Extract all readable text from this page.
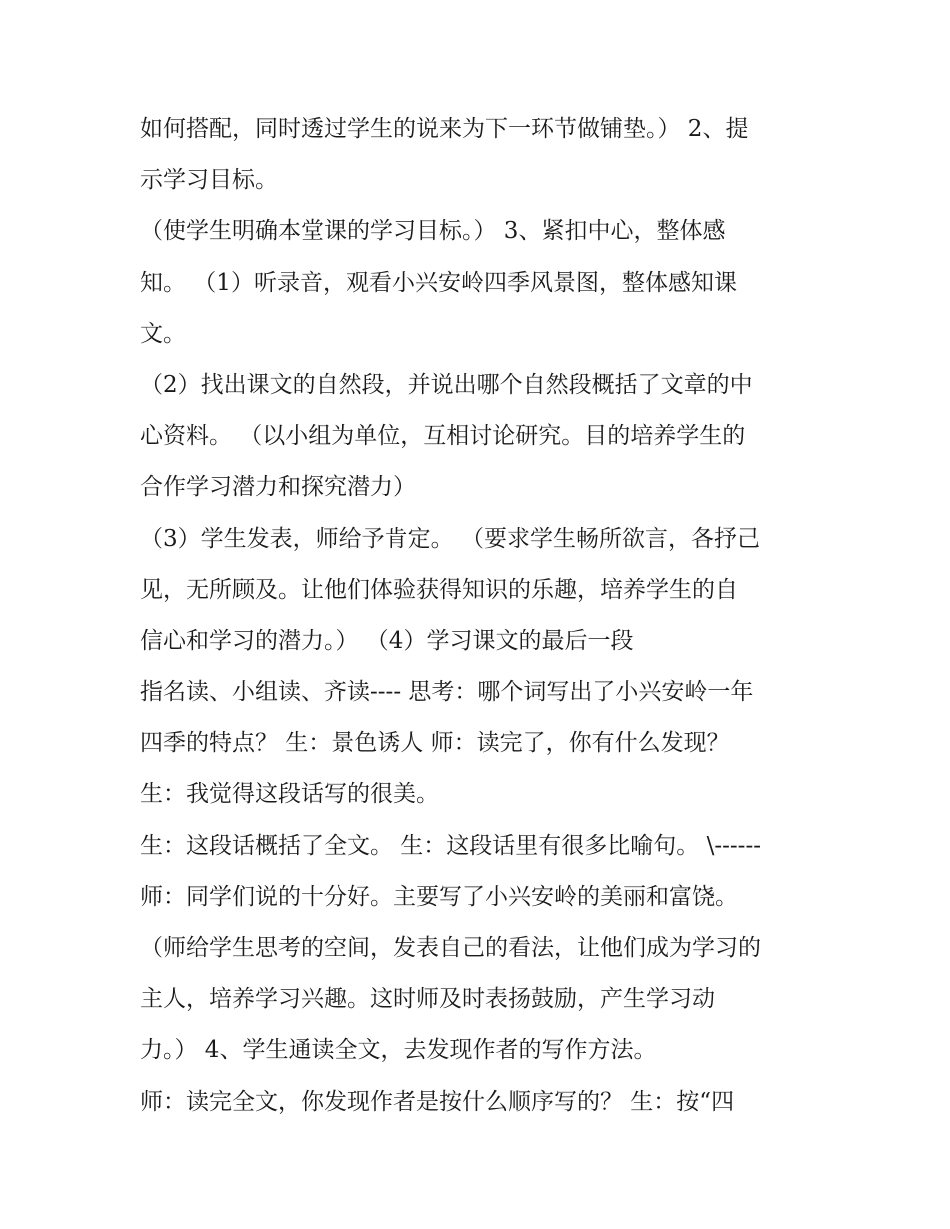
如何搭配，同时透过学生的说来为下一环节做铺垫。） 2、提
示学习目标。
（使学生明确本堂课的学习目标。） 3、紧扣中心，整体感
知。 （1）听录音，观看小兴安岭四季风景图，整体感知课
文。
（2）找出课文的自然段，并说出哪个自然段概括了文章的中
心资料。 （以小组为单位，互相讨论研究。目的培养学生的
合作学习潜力和探究潜力）
（3）学生发表，师给予肯定。 （要求学生畅所欲言，各抒己
见，无所顾及。让他们体验获得知识的乐趣，培养学生的自
信心和学习的潜力。） （4）学习课文的最后一段
指名读、小组读、齐读---- 思考：哪个词写出了小兴安岭一年
四季的特点？ 生：景色诱人 师：读完了，你有什么发现？
生：我觉得这段话写的很美。
生：这段话概括了全文。 生：这段话里有很多比喻句。 \------
师：同学们说的十分好。主要写了小兴安岭的美丽和富饶。
（师给学生思考的空间，发表自己的看法，让他们成为学习的
主人，培养学习兴趣。这时师及时表扬鼓励，产生学习动
力。） 4、学生通读全文，去发现作者的写作方法。
师：读完全文，你发现作者是按什么顺序写的？ 生：按“四
